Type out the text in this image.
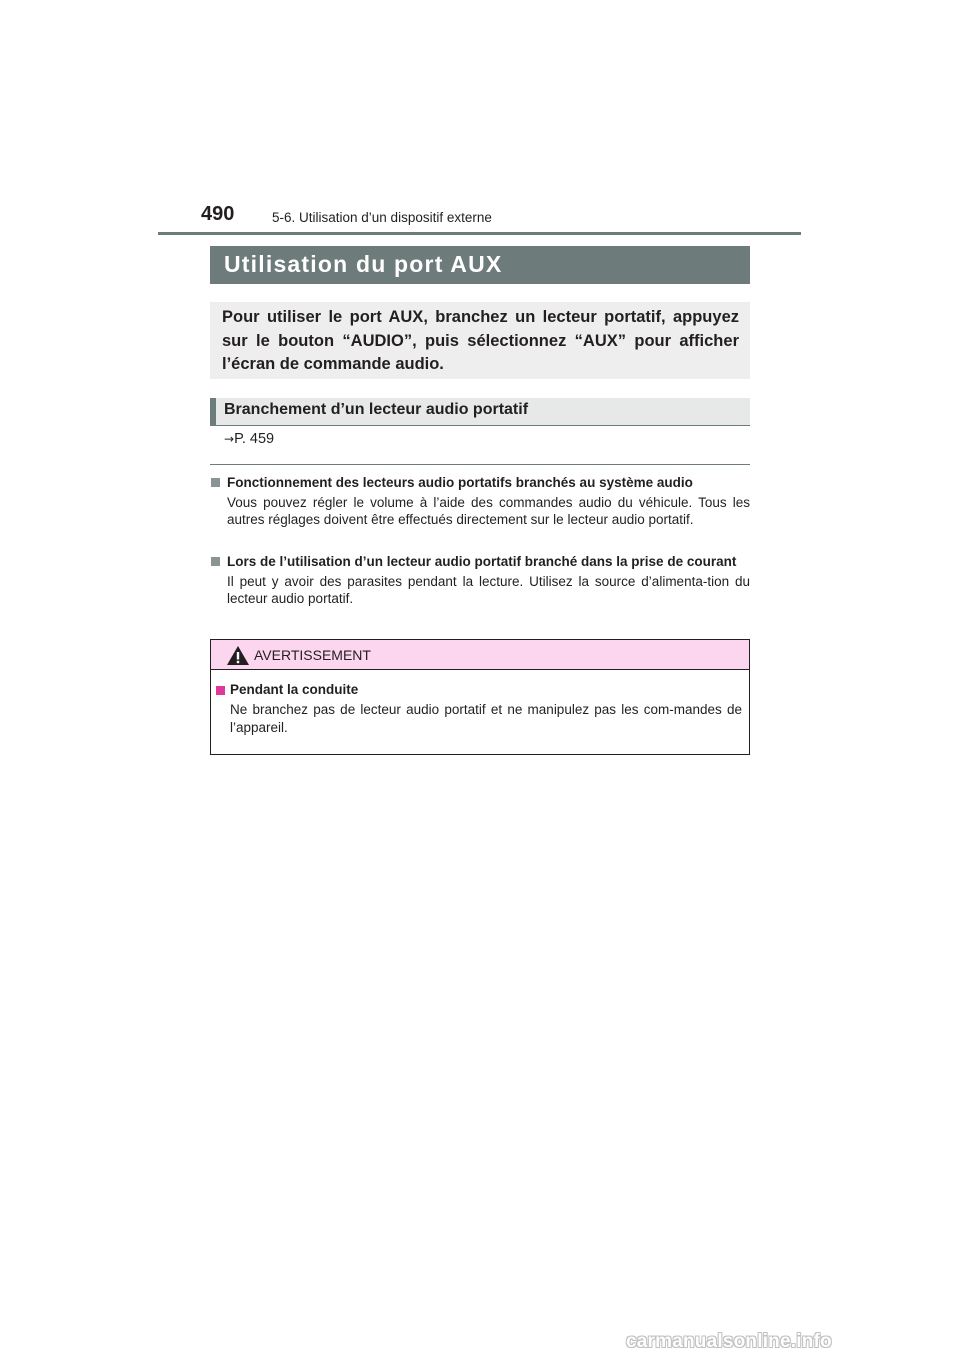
490	5-6. Utilisation d’un dispositif externe
Utilisation du port AUX

Pour utiliser le port AUX, branchez un lecteur portatif, appuyez sur le bouton “AUDIO”, puis sélectionnez “AUX” pour afficher l’écran de commande audio.

Branchement d’un lecteur audio portatif
→P. 459
Fonctionnement des lecteurs audio portatifs branchés au système audio
Vous pouvez régler le volume à l’aide des commandes audio du véhicule. Tous les autres réglages doivent être effectués directement sur le lecteur audio portatif.
Lors de l’utilisation d’un lecteur audio portatif branché dans la prise de courant
Il peut y avoir des parasites pendant la lecture. Utilisez la source d’alimenta-tion du lecteur audio portatif.
AVERTISSEMENT
Pendant la conduite
Ne branchez pas de lecteur audio portatif et ne manipulez pas les com-mandes de l’appareil.
carmanualsonline.info
